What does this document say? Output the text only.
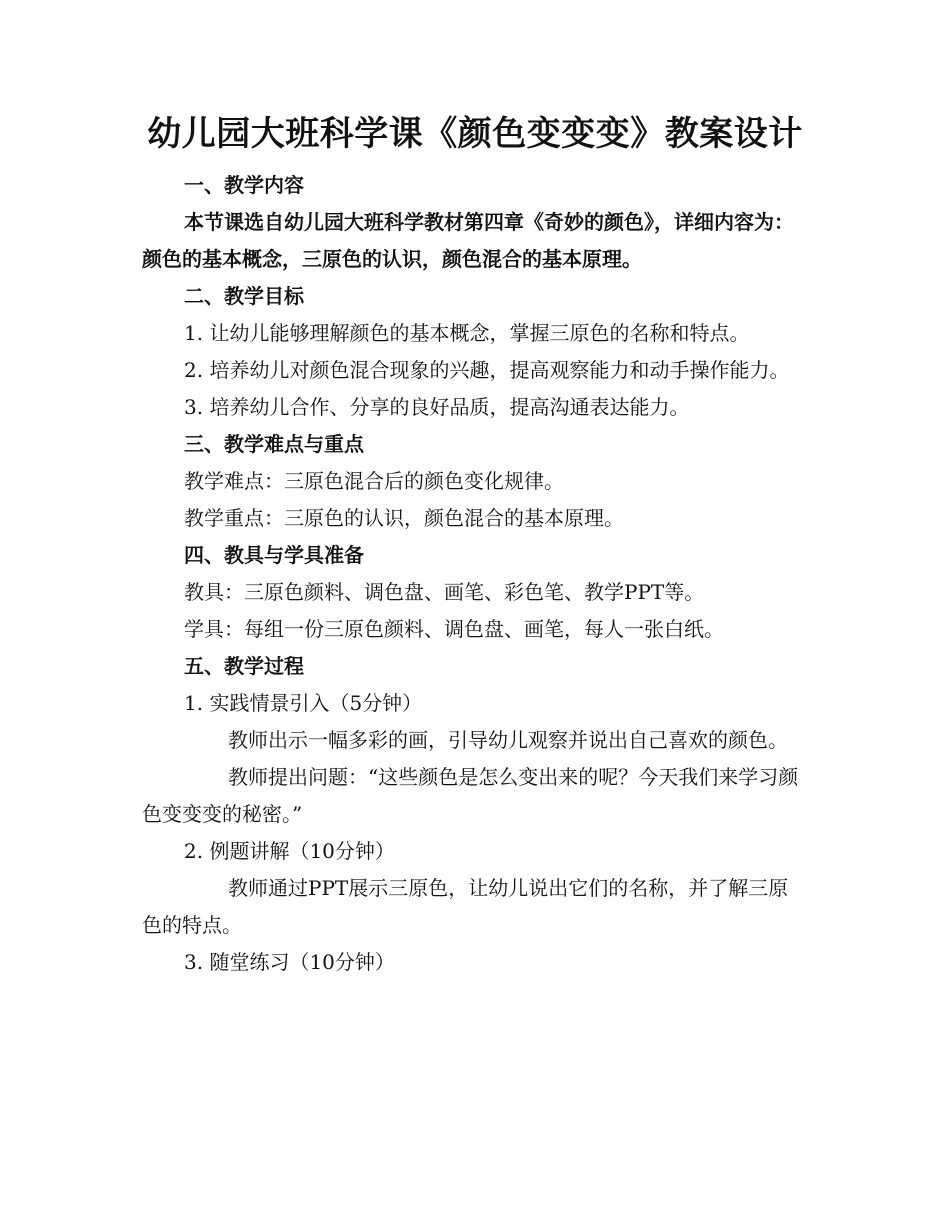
幼儿园大班科学课《颜色变变变》教案设计

一、教学内容

本节课选自幼儿园大班科学教材第四章《奇妙的颜色》，详细内容为：颜色的基本概念，三原色的认识，颜色混合的基本原理。

二、教学目标

1. 让幼儿能够理解颜色的基本概念，掌握三原色的名称和特点。

2. 培养幼儿对颜色混合现象的兴趣，提高观察能力和动手操作能力。

3. 培养幼儿合作、分享的良好品质，提高沟通表达能力。

三、教学难点与重点

教学难点：三原色混合后的颜色变化规律。

教学重点：三原色的认识，颜色混合的基本原理。

四、教具与学具准备

教具：三原色颜料、调色盘、画笔、彩色笔、教学PPT等。

学具：每组一份三原色颜料、调色盘、画笔，每人一张白纸。

五、教学过程

1. 实践情景引入（5分钟）

教师出示一幅多彩的画，引导幼儿观察并说出自己喜欢的颜色。

教师提出问题：“这些颜色是怎么变出来的呢？今天我们来学习颜色变变变的秘密。”

2. 例题讲解（10分钟）

教师通过PPT展示三原色，让幼儿说出它们的名称，并了解三原色的特点。

3. 随堂练习（10分钟）
